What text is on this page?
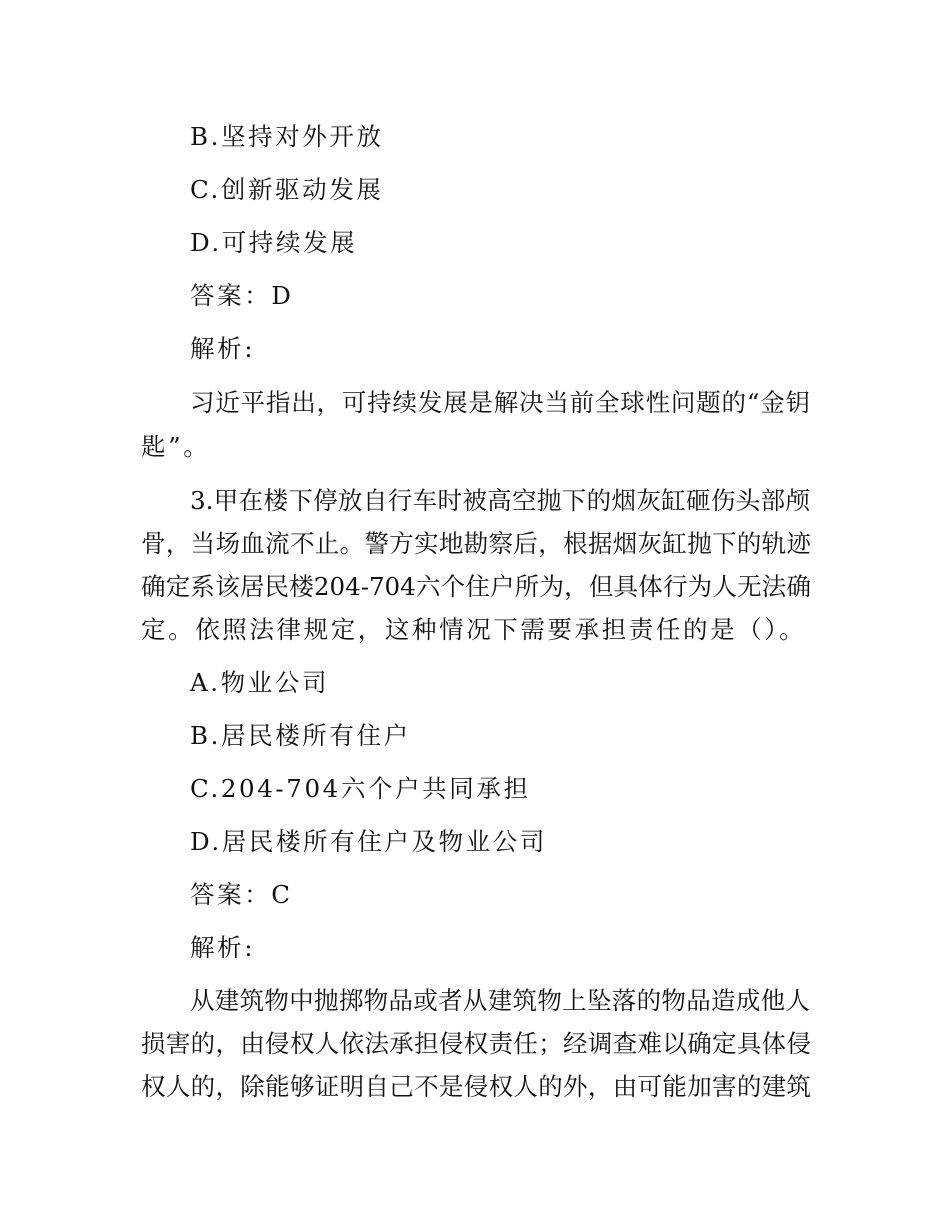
B.坚持对外开放
C.创新驱动发展
D.可持续发展
答案：D
解析:
习近平指出，可持续发展是解决当前全球性问题的“金钥
匙”。
3.甲在楼下停放自行车时被高空抛下的烟灰缸砸伤头部颅
骨，当场血流不止。警方实地勘察后，根据烟灰缸抛下的轨迹
确定系该居民楼204-704六个住户所为，但具体行为人无法确
定。依照法律规定，这种情况下需要承担责任的是（）。
A.物业公司
B.居民楼所有住户
C.204-704六个户共同承担
D.居民楼所有住户及物业公司
答案：C
解析:
从建筑物中抛掷物品或者从建筑物上坠落的物品造成他人
损害的，由侵权人依法承担侵权责任；经调查难以确定具体侵
权人的，除能够证明自己不是侵权人的外，由可能加害的建筑
